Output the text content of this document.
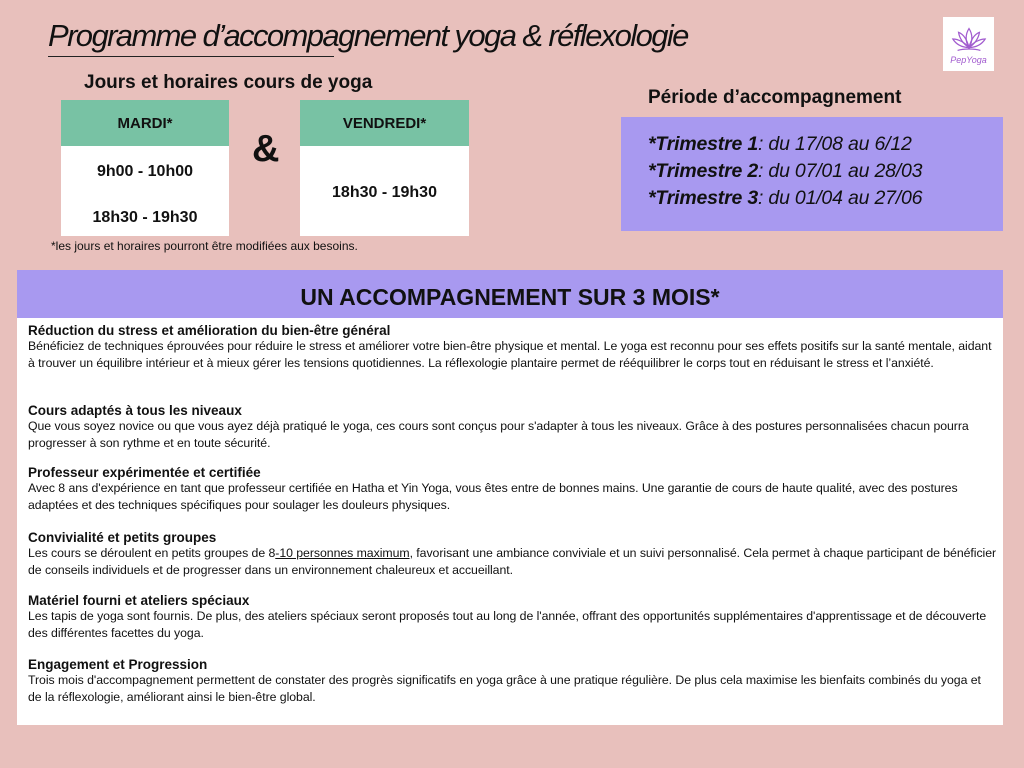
Programme d’accompagnement yoga & réflexologie
PepYoga
Jours et horaires cours de yoga
MARDI*
9h00 - 10h00
18h30 - 19h30
&
VENDREDI*
18h30 - 19h30
*les jours et horaires pourront être modifiées aux besoins.
Période d’accompagnement
*Trimestre 1: du 17/08 au 6/12
*Trimestre 2: du 07/01 au 28/03
*Trimestre 3: du 01/04 au 27/06
UN ACCOMPAGNEMENT SUR 3 MOIS*
Réduction du stress et amélioration du bien-être général
Bénéficiez de techniques éprouvées pour réduire le stress et améliorer votre bien-être physique et mental. Le yoga est reconnu pour ses effets positifs sur la santé mentale, aidant à trouver un équilibre intérieur et à mieux gérer les tensions quotidiennes. La réflexologie plantaire permet de rééquilibrer le corps tout en réduisant le stress et l’anxiété.
Cours adaptés à tous les niveaux
Que vous soyez novice ou que vous ayez déjà pratiqué le yoga, ces cours sont conçus pour s'adapter à tous les niveaux. Grâce à des postures personnalisées chacun pourra progresser à son rythme et en toute sécurité.
Professeur expérimentée et certifiée
Avec 8 ans d'expérience en tant que professeur certifiée en Hatha et Yin Yoga, vous êtes entre de bonnes mains. Une garantie de cours de haute qualité, avec des postures adaptées et des techniques spécifiques pour soulager les douleurs physiques.
Convivialité et petits groupes
Les cours se déroulent en petits groupes de 8-10 personnes maximum, favorisant une ambiance conviviale et un suivi personnalisé. Cela permet à chaque participant de bénéficier de conseils individuels et de progresser dans un environnement chaleureux et accueillant.
Matériel fourni et ateliers spéciaux
Les tapis de yoga sont fournis. De plus, des ateliers spéciaux seront proposés tout au long de l'année, offrant des opportunités supplémentaires d'apprentissage et de découverte des différentes facettes du yoga.
Engagement et Progression
Trois mois d'accompagnement permettent de constater des progrès significatifs en yoga grâce à une pratique régulière. De plus cela maximise les bienfaits combinés du yoga et de la réflexologie, améliorant ainsi le bien-être global.
